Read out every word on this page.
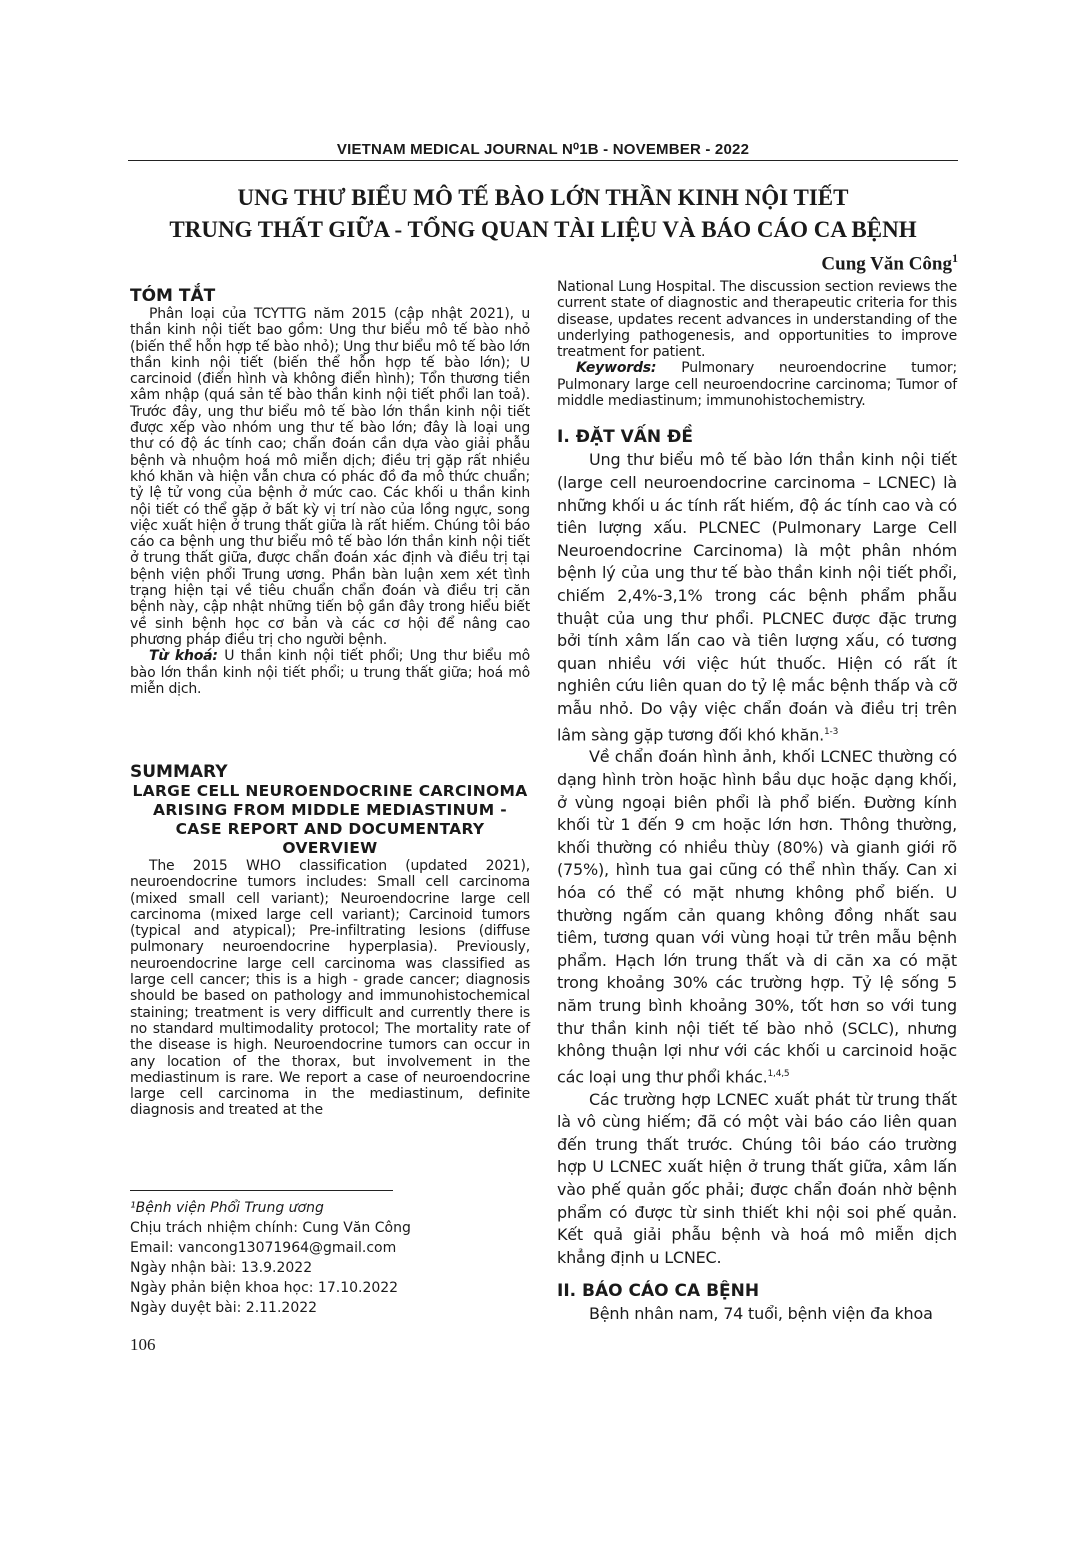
VIETNAM MEDICAL JOURNAL N⁰1B - NOVEMBER - 2022
UNG THƯ BIỂU MÔ TẾ BÀO LỚN THẦN KINH NỘI TIẾT
TRUNG THẤT GIỮA - TỔNG QUAN TÀI LIỆU VÀ BÁO CÁO CA BỆNH
Cung Văn Công$^1$
TÓM TẮT

Phân loại của TCYTTG năm 2015 (cập nhật 2021), u thần kinh nội tiết bao gồm: Ung thư biểu mô tế bào nhỏ (biến thể hỗn hợp tế bào nhỏ); Ung thư biểu mô tế bào lớn thần kinh nội tiết (biến thể hỗn hợp tế bào lớn); U carcinoid (điển hình và không điển hình); Tổn thương tiền xâm nhập (quá sản tế bào thần kinh nội tiết phổi lan toả). Trước đây, ung thư biểu mô tế bào lớn thần kinh nội tiết được xếp vào nhóm ung thư tế bào lớn; đây là loại ung thư có độ ác tính cao; chẩn đoán cần dựa vào giải phẫu bệnh và nhuộm hoá mô miễn dịch; điều trị gặp rất nhiều khó khăn và hiện vẫn chưa có phác đồ đa mô thức chuẩn; tỷ lệ tử vong của bệnh ở mức cao. Các khối u thần kinh nội tiết có thể gặp ở bất kỳ vị trí nào của lồng ngực, song việc xuất hiện ở trung thất giữa là rất hiếm. Chúng tôi báo cáo ca bệnh ung thư biểu mô tế bào lớn thần kinh nội tiết ở trung thất giữa, được chẩn đoán xác định và điều trị tại bệnh viện phổi Trung ương. Phần bàn luận xem xét tình trạng hiện tại về tiêu chuẩn chẩn đoán và điều trị căn bệnh này, cập nhật những tiến bộ gần đây trong hiểu biết về sinh bệnh học cơ bản và các cơ hội để nâng cao phương pháp điều trị cho người bệnh.

Từ khoá: U thần kinh nội tiết phổi; Ung thư biểu mô bào lớn thần kinh nội tiết phổi; u trung thất giữa; hoá mô miễn dịch.

SUMMARY

LARGE CELL NEUROENDOCRINE CARCINOMA ARISING FROM MIDDLE MEDIASTINUM - CASE REPORT AND DOCUMENTARY OVERVIEW

The 2015 WHO classification (updated 2021), neuroendocrine tumors includes: Small cell carcinoma (mixed small cell variant); Neuroendocrine large cell carcinoma (mixed large cell variant); Carcinoid tumors (typical and atypical); Pre-infiltrating lesions (diffuse pulmonary neuroendocrine hyperplasia). Previously, neuroendocrine large cell carcinoma was classified as large cell cancer; this is a high - grade cancer; diagnosis should be based on pathology and immunohistochemical staining; treatment is very difficult and currently there is no standard multimodality protocol; The mortality rate of the disease is high. Neuroendocrine tumors can occur in any location of the thorax, but involvement in the mediastinum is rare. We report a case of neuroendocrine large cell carcinoma in the mediastinum, definite diagnosis and treated at the

¹Bệnh viện Phổi Trung ương
Chịu trách nhiệm chính: Cung Văn Công
Email: vancong13071964@gmail.com
Ngày nhận bài: 13.9.2022
Ngày phản biện khoa học: 17.10.2022
Ngày duyệt bài: 2.11.2022
106

National Lung Hospital. The discussion section reviews the current state of diagnostic and therapeutic criteria for this disease, updates recent advances in understanding of the underlying pathogenesis, and opportunities to improve treatment for patient.

Keywords: Pulmonary neuroendocrine tumor; Pulmonary large cell neuroendocrine carcinoma; Tumor of middle mediastinum; immunohistochemistry.

I. ĐẶT VẤN ĐỀ

Ung thư biểu mô tế bào lớn thần kinh nội tiết (large cell neuroendocrine carcinoma – LCNEC) là những khối u ác tính rất hiếm, độ ác tính cao và có tiên lượng xấu. PLCNEC (Pulmonary Large Cell Neuroendocrine Carcinoma) là một phân nhóm bệnh lý của ung thư tế bào thần kinh nội tiết phổi, chiếm 2,4%-3,1% trong các bệnh phẩm phẫu thuật của ung thư phổi. PLCNEC được đặc trưng bởi tính xâm lấn cao và tiên lượng xấu, có tương quan nhiều với việc hút thuốc. Hiện có rất ít nghiên cứu liên quan do tỷ lệ mắc bệnh thấp và cỡ mẫu nhỏ. Do vậy việc chẩn đoán và điều trị trên lâm sàng gặp tương đối khó khăn.$^{1-3}$

Về chẩn đoán hình ảnh, khối LCNEC thường có dạng hình tròn hoặc hình bầu dục hoặc dạng khối, ở vùng ngoại biên phổi là phổ biến. Đường kính khối từ 1 đến 9 cm hoặc lớn hơn. Thông thường, khối thường có nhiều thùy (80%) và gianh giới rõ (75%), hình tua gai cũng có thể nhìn thấy. Can xi hóa có thể có mặt nhưng không phổ biến. U thường ngấm cản quang không đồng nhất sau tiêm, tương quan với vùng hoại tử trên mẫu bệnh phẩm. Hạch lớn trung thất và di căn xa có mặt trong khoảng 30% các trường hợp. Tỷ lệ sống 5 năm trung bình khoảng 30%, tốt hơn so với tung thư thần kinh nội tiết tế bào nhỏ (SCLC), nhưng không thuận lợi như với các khối u carcinoid hoặc các loại ung thư phổi khác.$^{1,4,5}$

Các trường hợp LCNEC xuất phát từ trung thất là vô cùng hiếm; đã có một vài báo cáo liên quan đến trung thất trước. Chúng tôi báo cáo trường hợp U LCNEC xuất hiện ở trung thất giữa, xâm lấn vào phế quản gốc phải; được chẩn đoán nhờ bệnh phẩm có được từ sinh thiết khi nội soi phế quản. Kết quả giải phẫu bệnh và hoá mô miễn dịch khẳng định u LCNEC.

II. BÁO CÁO CA BỆNH

Bệnh nhân nam, 74 tuổi, bệnh viện đa khoa
